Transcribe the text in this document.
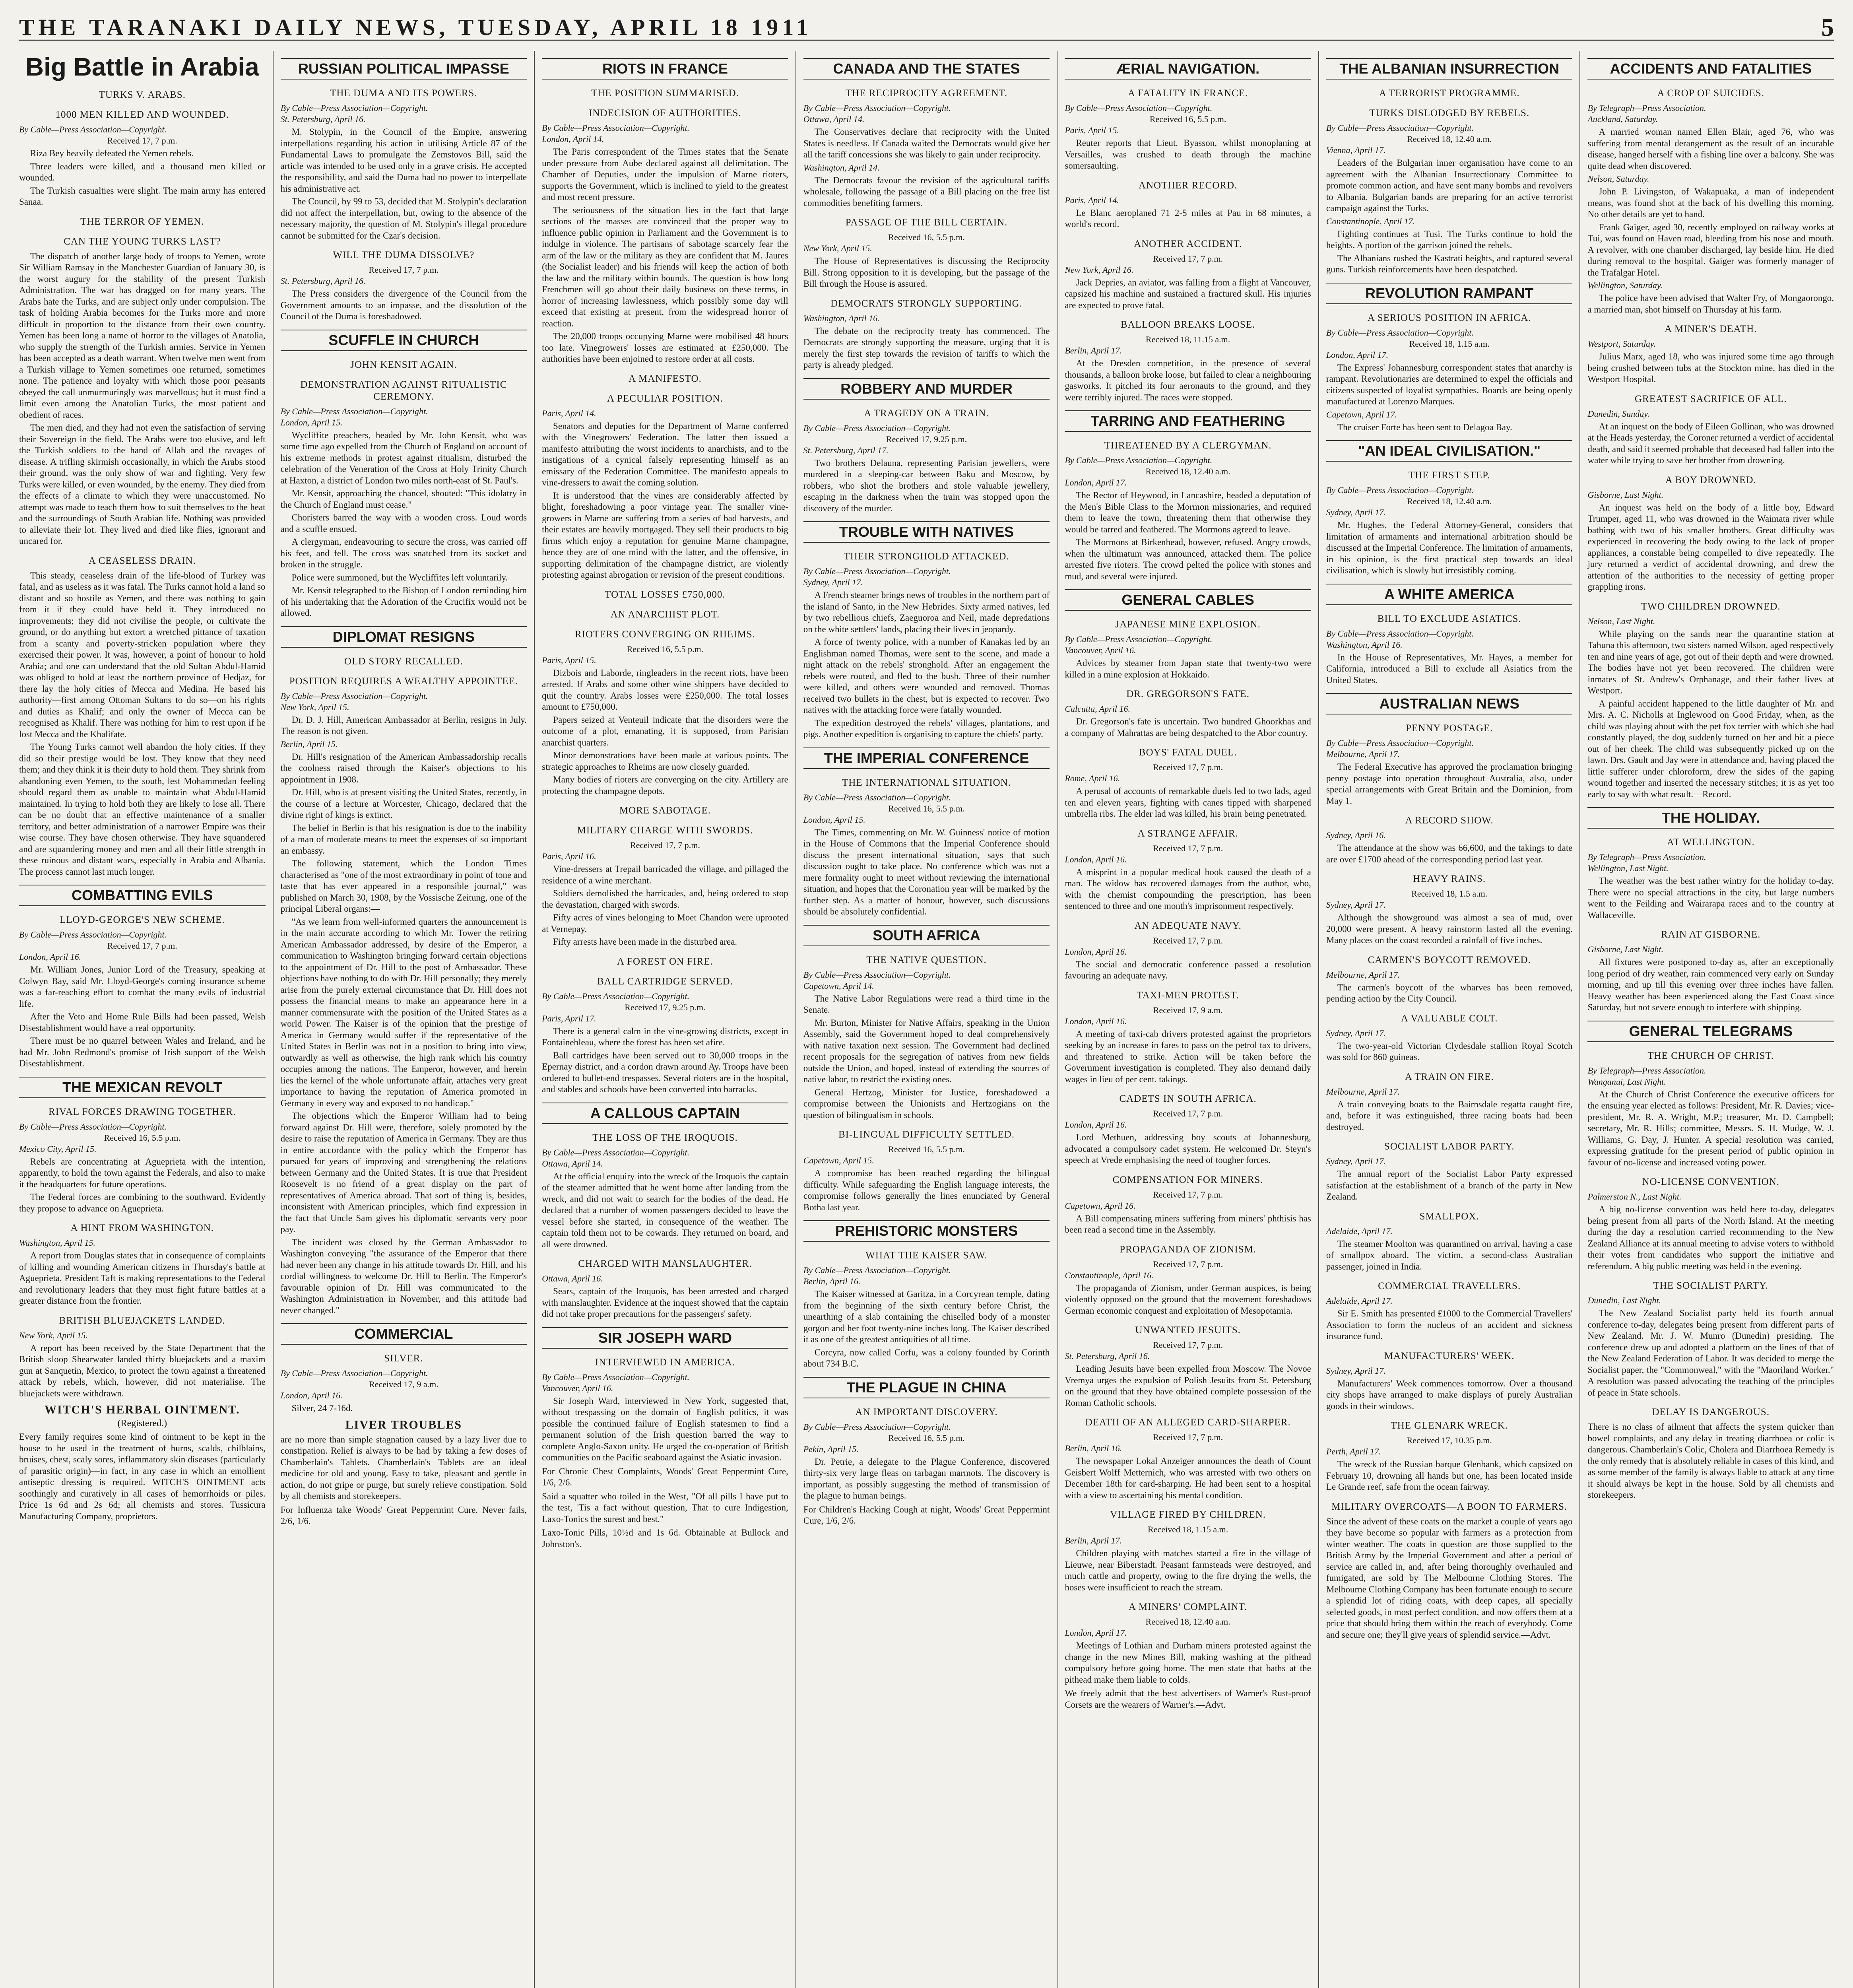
THE TARANAKI DAILY NEWS, TUESDAY, APRIL 18 1911	5
Big Battle in Arabia
TURKS V. ARABS.
1000 MEN KILLED AND WOUNDED.
By Cable—Press Association—Copyright.
Received 17, 7 p.m.
Riza Bey heavily defeated the Yemen rebels.
Three leaders were killed, and a thousand men killed or wounded.
The Turkish casualties were slight. The main army has entered Sanaa.
THE TERROR OF YEMEN.
CAN THE YOUNG TURKS LAST?
The dispatch of another large body of troops to Yemen, wrote Sir William Ramsay in the Manchester Guardian of January 30, is the worst augury for the stability of the present Turkish Administration. The war has dragged on for many years. The Arabs hate the Turks, and are subject only under compulsion. The task of holding Arabia becomes for the Turks more and more difficult in proportion to the distance from their own country. Yemen has been long a name of horror to the villages of Anatolia, who supply the strength of the Turkish armies. Service in Yemen has been accepted as a death warrant. When twelve men went from a Turkish village to Yemen sometimes one returned, sometimes none. The patience and loyalty with which those poor peasants obeyed the call unmurmuringly was marvellous; but it must find a limit even among the Anatolian Turks, the most patient and obedient of races.
The men died, and they had not even the satisfaction of serving their Sovereign in the field. The Arabs were too elusive, and left the Turkish soldiers to the hand of Allah and the ravages of disease. A trifling skirmish occasionally, in which the Arabs stood their ground, was the only show of war and fighting. Very few Turks were killed, or even wounded, by the enemy. They died from the effects of a climate to which they were unaccustomed. No attempt was made to teach them how to suit themselves to the heat and the surroundings of South Arabian life. Nothing was provided to alleviate their lot. They lived and died like flies, ignorant and uncared for.
A CEASELESS DRAIN.
This steady, ceaseless drain of the life-blood of Turkey was fatal, and as useless as it was fatal. The Turks cannot hold a land so distant and so hostile as Yemen, and there was nothing to gain from it if they could have held it. They introduced no improvements; they did not civilise the people, or cultivate the ground, or do anything but extort a wretched pittance of taxation from a scanty and poverty-stricken population where they exercised their power. It was, however, a point of honour to hold Arabia; and one can understand that the old Sultan Abdul-Hamid was obliged to hold at least the northern province of Hedjaz, for there lay the holy cities of Mecca and Medina. He based his authority—first among Ottoman Sultans to do so—on his rights and duties as Khalif; and only the owner of Mecca can be recognised as Khalif. There was nothing for him to rest upon if he lost Mecca and the Khalifate.
The Young Turks cannot well abandon the holy cities. If they did so their prestige would be lost. They know that they need them; and they think it is their duty to hold them. They shrink from abandoning even Yemen, to the south, lest Mohammedan feeling should regard them as unable to maintain what Abdul-Hamid maintained. In trying to hold both they are likely to lose all. There can be no doubt that an effective maintenance of a smaller territory, and better administration of a narrower Empire was their wise course. They have chosen otherwise. They have squandered and are squandering money and men and all their little strength in these ruinous and distant wars, especially in Arabia and Albania. The process cannot last much longer.
COMBATTING EVILS
LLOYD-GEORGE'S NEW SCHEME.
By Cable—Press Association—Copyright.
Received 17, 7 p.m.
London, April 16.
Mr. William Jones, Junior Lord of the Treasury, speaking at Colwyn Bay, said Mr. Lloyd-George's coming insurance scheme was a far-reaching effort to combat the many evils of industrial life.
After the Veto and Home Rule Bills had been passed, Welsh Disestablishment would have a real opportunity.
There must be no quarrel between Wales and Ireland, and he had Mr. John Redmond's promise of Irish support of the Welsh Disestablishment.
THE MEXICAN REVOLT
RIVAL FORCES DRAWING TOGETHER.
By Cable—Press Association—Copyright.
Received 16, 5.5 p.m.
Mexico City, April 15.
Rebels are concentrating at Agueprieta with the intention, apparently, to hold the town against the Federals, and also to make it the headquarters for future operations.
The Federal forces are combining to the southward. Evidently they propose to advance on Agueprieta.
A HINT FROM WASHINGTON.
Washington, April 15.
A report from Douglas states that in consequence of complaints of killing and wounding American citizens in Thursday's battle at Agueprieta, President Taft is making representations to the Federal and revolutionary leaders that they must fight future battles at a greater distance from the frontier.
BRITISH BLUEJACKETS LANDED.
New York, April 15.
A report has been received by the State Department that the British sloop Shearwater landed thirty bluejackets and a maxim gun at Sanquetin, Mexico, to protect the town against a threatened attack by rebels, which, however, did not materialise. The bluejackets were withdrawn.
WITCH'S HERBAL OINTMENT.
(Registered.)
Every family requires some kind of ointment to be kept in the house to be used in the treatment of burns, scalds, chilblains, bruises, chest, scaly sores, inflammatory skin diseases (particularly of parasitic origin)—in fact, in any case in which an emollient antiseptic dressing is required. WITCH'S OINTMENT acts soothingly and curatively in all cases of hemorrhoids or piles. Price 1s 6d and 2s 6d; all chemists and stores. Tussicura Manufacturing Company, proprietors.
RUSSIAN POLITICAL IMPASSE
THE DUMA AND ITS POWERS.
By Cable—Press Association—Copyright.
St. Petersburg, April 16.
M. Stolypin, in the Council of the Empire, answering interpellations regarding his action in utilising Article 87 of the Fundamental Laws to promulgate the Zemstovos Bill, said the article was intended to be used only in a grave crisis. He accepted the responsibility, and said the Duma had no power to interpellate his administrative act.
The Council, by 99 to 53, decided that M. Stolypin's declaration did not affect the interpellation, but, owing to the absence of the necessary majority, the question of M. Stolypin's illegal procedure cannot be submitted for the Czar's decision.
WILL THE DUMA DISSOLVE?
Received 17, 7 p.m.
St. Petersburg, April 16.
The Press considers the divergence of the Council from the Government amounts to an impasse, and the dissolution of the Council of the Duma is foreshadowed.
SCUFFLE IN CHURCH
JOHN KENSIT AGAIN.
DEMONSTRATION AGAINST RITUALISTIC CEREMONY.
By Cable—Press Association—Copyright.
London, April 15.
Wycliffite preachers, headed by Mr. John Kensit, who was some time ago expelled from the Church of England on account of his extreme methods in protest against ritualism, disturbed the celebration of the Veneration of the Cross at Holy Trinity Church at Haxton, a district of London two miles north-east of St. Paul's.
Mr. Kensit, approaching the chancel, shouted: "This idolatry in the Church of England must cease."
Choristers barred the way with a wooden cross. Loud words and a scuffle ensued.
A clergyman, endeavouring to secure the cross, was carried off his feet, and fell. The cross was snatched from its socket and broken in the struggle.
Police were summoned, but the Wycliffites left voluntarily.
Mr. Kensit telegraphed to the Bishop of London reminding him of his undertaking that the Adoration of the Crucifix would not be allowed.
DIPLOMAT RESIGNS
OLD STORY RECALLED.
POSITION REQUIRES A WEALTHY APPOINTEE.
By Cable—Press Association—Copyright.
New York, April 15.
Dr. D. J. Hill, American Ambassador at Berlin, resigns in July. The reason is not given.
Berlin, April 15.
Dr. Hill's resignation of the American Ambassadorship recalls the coolness raised through the Kaiser's objections to his appointment in 1908.
Dr. Hill, who is at present visiting the United States, recently, in the course of a lecture at Worcester, Chicago, declared that the divine right of kings is extinct.
The belief in Berlin is that his resignation is due to the inability of a man of moderate means to meet the expenses of so important an embassy.
The following statement, which the London Times characterised as "one of the most extraordinary in point of tone and taste that has ever appeared in a responsible journal," was published on March 30, 1908, by the Vossische Zeitung, one of the principal Liberal organs:—
"As we learn from well-informed quarters the announcement is in the main accurate according to which Mr. Tower the retiring American Ambassador addressed, by desire of the Emperor, a communication to Washington bringing forward certain objections to the appointment of Dr. Hill to the post of Ambassador. These objections have nothing to do with Dr. Hill personally; they merely arise from the purely external circumstance that Dr. Hill does not possess the financial means to make an appearance here in a manner commensurate with the position of the United States as a world Power. The Kaiser is of the opinion that the prestige of America in Germany would suffer if the representative of the United States in Berlin was not in a position to bring into view, outwardly as well as otherwise, the high rank which his country occupies among the nations. The Emperor, however, and herein lies the kernel of the whole unfortunate affair, attaches very great importance to having the reputation of America promoted in Germany in every way and exposed to no handicap."
The objections which the Emperor William had to being forward against Dr. Hill were, therefore, solely promoted by the desire to raise the reputation of America in Germany. They are thus in entire accordance with the policy which the Emperor has pursued for years of improving and strengthening the relations between Germany and the United States. It is true that President Roosevelt is no friend of a great display on the part of representatives of America abroad. That sort of thing is, besides, inconsistent with American principles, which find expression in the fact that Uncle Sam gives his diplomatic servants very poor pay.
The incident was closed by the German Ambassador to Washington conveying "the assurance of the Emperor that there had never been any change in his attitude towards Dr. Hill, and his cordial willingness to welcome Dr. Hill to Berlin. The Emperor's favourable opinion of Dr. Hill was communicated to the Washington Administration in November, and this attitude had never changed."
COMMERCIAL
SILVER.
By Cable—Press Association—Copyright.
Received 17, 9 a.m.
London, April 16.
Silver, 24 7-16d.
LIVER TROUBLES
are no more than simple stagnation caused by a lazy liver due to constipation. Relief is always to be had by taking a few doses of Chamberlain's Tablets. Chamberlain's Tablets are an ideal medicine for old and young. Easy to take, pleasant and gentle in action, do not gripe or purge, but surely relieve constipation. Sold by all chemists and storekeepers.
For Influenza take Woods' Great Peppermint Cure. Never fails, 2/6, 1/6.
RIOTS IN FRANCE
THE POSITION SUMMARISED.
INDECISION OF AUTHORITIES.
By Cable—Press Association—Copyright.
London, April 14.
The Paris correspondent of the Times states that the Senate under pressure from Aube declared against all delimitation. The Chamber of Deputies, under the impulsion of Marne rioters, supports the Government, which is inclined to yield to the greatest and most recent pressure.
The seriousness of the situation lies in the fact that large sections of the masses are convinced that the proper way to influence public opinion in Parliament and the Government is to indulge in violence. The partisans of sabotage scarcely fear the arm of the law or the military as they are confident that M. Jaures (the Socialist leader) and his friends will keep the action of both the law and the military within bounds. The question is how long Frenchmen will go about their daily business on these terms, in horror of increasing lawlessness, which possibly some day will exceed that existing at present, from the widespread horror of reaction.
The 20,000 troops occupying Marne were mobilised 48 hours too late. Vinegrowers' losses are estimated at £250,000. The authorities have been enjoined to restore order at all costs.
A MANIFESTO.
A PECULIAR POSITION.
Paris, April 14.
Senators and deputies for the Department of Marne conferred with the Vinegrowers' Federation. The latter then issued a manifesto attributing the worst incidents to anarchists, and to the instigations of a cynical falsely representing himself as an emissary of the Federation Committee. The manifesto appeals to vine-dressers to await the coming solution.
It is understood that the vines are considerably affected by blight, foreshadowing a poor vintage year. The smaller vine-growers in Marne are suffering from a series of bad harvests, and their estates are heavily mortgaged. They sell their products to big firms which enjoy a reputation for genuine Marne champagne, hence they are of one mind with the latter, and the offensive, in supporting delimitation of the champagne district, are violently protesting against abrogation or revision of the present conditions.
TOTAL LOSSES £750,000.
AN ANARCHIST PLOT.
RIOTERS CONVERGING ON RHEIMS.
Received 16, 5.5 p.m.
Paris, April 15.
Dizbois and Laborde, ringleaders in the recent riots, have been arrested. If Arabs and some other wine shippers have decided to quit the country. Arabs losses were £250,000. The total losses amount to £750,000.
Papers seized at Venteuil indicate that the disorders were the outcome of a plot, emanating, it is supposed, from Parisian anarchist quarters.
Minor demonstrations have been made at various points. The strategic approaches to Rheims are now closely guarded.
Many bodies of rioters are converging on the city. Artillery are protecting the champagne depots.
MORE SABOTAGE.
MILITARY CHARGE WITH SWORDS.
Received 17, 7 p.m.
Paris, April 16.
Vine-dressers at Trepail barricaded the village, and pillaged the residence of a wine merchant.
Soldiers demolished the barricades, and, being ordered to stop the devastation, charged with swords.
Fifty acres of vines belonging to Moet Chandon were uprooted at Vernepay.
Fifty arrests have been made in the disturbed area.
A FOREST ON FIRE.
BALL CARTRIDGE SERVED.
By Cable—Press Association—Copyright.
Received 17, 9.25 p.m.
Paris, April 17.
There is a general calm in the vine-growing districts, except in Fontainebleau, where the forest has been set afire.
Ball cartridges have been served out to 30,000 troops in the Epernay district, and a cordon drawn around Ay. Troops have been ordered to bullet-end trespasses. Several rioters are in the hospital, and stables and schools have been converted into barracks.
A CALLOUS CAPTAIN
THE LOSS OF THE IROQUOIS.
By Cable—Press Association—Copyright.
Ottawa, April 14.
At the official enquiry into the wreck of the Iroquois the captain of the steamer admitted that he went home after landing from the wreck, and did not wait to search for the bodies of the dead. He declared that a number of women passengers decided to leave the vessel before she started, in consequence of the weather. The captain told them not to be cowards. They returned on board, and all were drowned.
CHARGED WITH MANSLAUGHTER.
Ottawa, April 16.
Sears, captain of the Iroquois, has been arrested and charged with manslaughter. Evidence at the inquest showed that the captain did not take proper precautions for the passengers' safety.
SIR JOSEPH WARD
INTERVIEWED IN AMERICA.
By Cable—Press Association—Copyright.
Vancouver, April 16.
Sir Joseph Ward, interviewed in New York, suggested that, without trespassing on the domain of English politics, it was possible the continued failure of English statesmen to find a permanent solution of the Irish question barred the way to complete Anglo-Saxon unity. He urged the co-operation of British communities on the Pacific seaboard against the Asiatic invasion.
For Chronic Chest Complaints, Woods' Great Peppermint Cure, 1/6, 2/6.
Said a squatter who toiled in the West, "Of all pills I have put to the test, 'Tis a fact without question, That to cure Indigestion, Laxo-Tonics the surest and best."
Laxo-Tonic Pills, 10½d and 1s 6d. Obtainable at Bullock and Johnston's.
CANADA AND THE STATES
THE RECIPROCITY AGREEMENT.
By Cable—Press Association—Copyright.
Ottawa, April 14.
The Conservatives declare that reciprocity with the United States is needless. If Canada waited the Democrats would give her all the tariff concessions she was likely to gain under reciprocity.
Washington, April 14.
The Democrats favour the revision of the agricultural tariffs wholesale, following the passage of a Bill placing on the free list commodities benefiting farmers.
PASSAGE OF THE BILL CERTAIN.
Received 16, 5.5 p.m.
New York, April 15.
The House of Representatives is discussing the Reciprocity Bill. Strong opposition to it is developing, but the passage of the Bill through the House is assured.
DEMOCRATS STRONGLY SUPPORTING.
Washington, April 16.
The debate on the reciprocity treaty has commenced. The Democrats are strongly supporting the measure, urging that it is merely the first step towards the revision of tariffs to which the party is already pledged.
ROBBERY AND MURDER
A TRAGEDY ON A TRAIN.
By Cable—Press Association—Copyright.
Received 17, 9.25 p.m.
St. Petersburg, April 17.
Two brothers Delauna, representing Parisian jewellers, were murdered in a sleeping-car between Baku and Moscow, by robbers, who shot the brothers and stole valuable jewellery, escaping in the darkness when the train was stopped upon the discovery of the murder.
TROUBLE WITH NATIVES
THEIR STRONGHOLD ATTACKED.
By Cable—Press Association—Copyright.
Sydney, April 17.
A French steamer brings news of troubles in the northern part of the island of Santo, in the New Hebrides. Sixty armed natives, led by two rebellious chiefs, Zaeguoroa and Neil, made depredations on the white settlers' lands, placing their lives in jeopardy.
A force of twenty police, with a number of Kanakas led by an Englishman named Thomas, were sent to the scene, and made a night attack on the rebels' stronghold. After an engagement the rebels were routed, and fled to the bush. Three of their number were killed, and others were wounded and removed. Thomas received two bullets in the chest, but is expected to recover. Two natives with the attacking force were fatally wounded.
The expedition destroyed the rebels' villages, plantations, and pigs. Another expedition is organising to capture the chiefs' party.
THE IMPERIAL CONFERENCE
THE INTERNATIONAL SITUATION.
By Cable—Press Association—Copyright.
Received 16, 5.5 p.m.
London, April 15.
The Times, commenting on Mr. W. Guinness' notice of motion in the House of Commons that the Imperial Conference should discuss the present international situation, says that such discussion ought to take place. No conference which was not a mere formality ought to meet without reviewing the international situation, and hopes that the Coronation year will be marked by the further step. As a matter of honour, however, such discussions should be absolutely confidential.
SOUTH AFRICA
THE NATIVE QUESTION.
By Cable—Press Association—Copyright.
Capetown, April 14.
The Native Labor Regulations were read a third time in the Senate.
Mr. Burton, Minister for Native Affairs, speaking in the Union Assembly, said the Government hoped to deal comprehensively with native taxation next session. The Government had declined recent proposals for the segregation of natives from new fields outside the Union, and hoped, instead of extending the sources of native labor, to restrict the existing ones.
General Hertzog, Minister for Justice, foreshadowed a compromise between the Unionists and Hertzogians on the question of bilingualism in schools.
BI-LINGUAL DIFFICULTY SETTLED.
Received 16, 5.5 p.m.
Capetown, April 15.
A compromise has been reached regarding the bilingual difficulty. While safeguarding the English language interests, the compromise follows generally the lines enunciated by General Botha last year.
PREHISTORIC MONSTERS
WHAT THE KAISER SAW.
By Cable—Press Association—Copyright.
Berlin, April 16.
The Kaiser witnessed at Garitza, in a Corcyrean temple, dating from the beginning of the sixth century before Christ, the unearthing of a slab containing the chiselled body of a monster gorgon and her foot twenty-nine inches long. The Kaiser described it as one of the greatest antiquities of all time.
Corcyra, now called Corfu, was a colony founded by Corinth about 734 B.C.
THE PLAGUE IN CHINA
AN IMPORTANT DISCOVERY.
By Cable—Press Association—Copyright.
Received 16, 5.5 p.m.
Pekin, April 15.
Dr. Petrie, a delegate to the Plague Conference, discovered thirty-six very large fleas on tarbagan marmots. The discovery is important, as possibly suggesting the method of transmission of the plague to human beings.
For Children's Hacking Cough at night, Woods' Great Peppermint Cure, 1/6, 2/6.
ÆRIAL NAVIGATION.
A FATALITY IN FRANCE.
By Cable—Press Association—Copyright.
Received 16, 5.5 p.m.
Paris, April 15.
Reuter reports that Lieut. Byasson, whilst monoplaning at Versailles, was crushed to death through the machine somersaulting.
ANOTHER RECORD.
Paris, April 14.
Le Blanc aeroplaned 71 2-5 miles at Pau in 68 minutes, a world's record.
ANOTHER ACCIDENT.
Received 17, 7 p.m.
New York, April 16.
Jack Depries, an aviator, was falling from a flight at Vancouver, capsized his machine and sustained a fractured skull. His injuries are expected to prove fatal.
BALLOON BREAKS LOOSE.
Received 18, 11.15 a.m.
Berlin, April 17.
At the Dresden competition, in the presence of several thousands, a balloon broke loose, but failed to clear a neighbouring gasworks. It pitched its four aeronauts to the ground, and they were terribly injured. The races were stopped.
TARRING AND FEATHERING
THREATENED BY A CLERGYMAN.
By Cable—Press Association—Copyright.
Received 18, 12.40 a.m.
London, April 17.
The Rector of Heywood, in Lancashire, headed a deputation of the Men's Bible Class to the Mormon missionaries, and required them to leave the town, threatening them that otherwise they would be tarred and feathered. The Mormons agreed to leave.
The Mormons at Birkenhead, however, refused. Angry crowds, when the ultimatum was announced, attacked them. The police arrested five rioters. The crowd pelted the police with stones and mud, and several were injured.
GENERAL CABLES
JAPANESE MINE EXPLOSION.
By Cable—Press Association—Copyright.
Vancouver, April 16.
Advices by steamer from Japan state that twenty-two were killed in a mine explosion at Hokkaido.
DR. GREGORSON'S FATE.
Calcutta, April 16.
Dr. Gregorson's fate is uncertain. Two hundred Ghoorkhas and a company of Mahrattas are being despatched to the Abor country.
BOYS' FATAL DUEL.
Received 17, 7 p.m.
Rome, April 16.
A perusal of accounts of remarkable duels led to two lads, aged ten and eleven years, fighting with canes tipped with sharpened umbrella ribs. The elder lad was killed, his brain being penetrated.
A STRANGE AFFAIR.
Received 17, 7 p.m.
London, April 16.
A misprint in a popular medical book caused the death of a man. The widow has recovered damages from the author, who, with the chemist compounding the prescription, has been sentenced to three and one month's imprisonment respectively.
AN ADEQUATE NAVY.
Received 17, 7 p.m.
London, April 16.
The social and democratic conference passed a resolution favouring an adequate navy.
TAXI-MEN PROTEST.
Received 17, 9 a.m.
London, April 16.
A meeting of taxi-cab drivers protested against the proprietors seeking by an increase in fares to pass on the petrol tax to drivers, and threatened to strike. Action will be taken before the Government investigation is completed. They also demand daily wages in lieu of per cent. takings.
CADETS IN SOUTH AFRICA.
Received 17, 7 p.m.
London, April 16.
Lord Methuen, addressing boy scouts at Johannesburg, advocated a compulsory cadet system. He welcomed Dr. Steyn's speech at Vrede emphasising the need of tougher forces.
COMPENSATION FOR MINERS.
Received 17, 7 p.m.
Capetown, April 16.
A Bill compensating miners suffering from miners' phthisis has been read a second time in the Assembly.
PROPAGANDA OF ZIONISM.
Received 17, 7 p.m.
Constantinople, April 16.
The propaganda of Zionism, under German auspices, is being violently opposed on the ground that the movement foreshadows German economic conquest and exploitation of Mesopotamia.
UNWANTED JESUITS.
Received 17, 7 p.m.
St. Petersburg, April 16.
Leading Jesuits have been expelled from Moscow. The Novoe Vremya urges the expulsion of Polish Jesuits from St. Petersburg on the ground that they have obtained complete possession of the Roman Catholic schools.
DEATH OF AN ALLEGED CARD-SHARPER.
Received 17, 7 p.m.
Berlin, April 16.
The newspaper Lokal Anzeiger announces the death of Count Geisbert Wolff Metternich, who was arrested with two others on December 18th for card-sharping. He had been sent to a hospital with a view to ascertaining his mental condition.
VILLAGE FIRED BY CHILDREN.
Received 18, 1.15 a.m.
Berlin, April 17.
Children playing with matches started a fire in the village of Lieuwe, near Biberstadt. Peasant farmsteads were destroyed, and much cattle and property, owing to the fire drying the wells, the hoses were insufficient to reach the stream.
A MINERS' COMPLAINT.
Received 18, 12.40 a.m.
London, April 17.
Meetings of Lothian and Durham miners protested against the change in the new Mines Bill, making washing at the pithead compulsory before going home. The men state that baths at the pithead make them liable to colds.
We freely admit that the best advertisers of Warner's Rust-proof Corsets are the wearers of Warner's.—Advt.
THE ALBANIAN INSURRECTION
A TERRORIST PROGRAMME.
TURKS DISLODGED BY REBELS.
By Cable—Press Association—Copyright.
Received 18, 12.40 a.m.
Vienna, April 17.
Leaders of the Bulgarian inner organisation have come to an agreement with the Albanian Insurrectionary Committee to promote common action, and have sent many bombs and revolvers to Albania. Bulgarian bands are preparing for an active terrorist campaign against the Turks.
Constantinople, April 17.
Fighting continues at Tusi. The Turks continue to hold the heights. A portion of the garrison joined the rebels.
The Albanians rushed the Kastrati heights, and captured several guns. Turkish reinforcements have been despatched.
REVOLUTION RAMPANT
A SERIOUS POSITION IN AFRICA.
By Cable—Press Association—Copyright.
Received 18, 1.15 a.m.
London, April 17.
The Express' Johannesburg correspondent states that anarchy is rampant. Revolutionaries are determined to expel the officials and citizens suspected of loyalist sympathies. Boards are being openly manufactured at Lorenzo Marques.
Capetown, April 17.
The cruiser Forte has been sent to Delagoa Bay.
"AN IDEAL CIVILISATION."
THE FIRST STEP.
By Cable—Press Association—Copyright.
Received 18, 12.40 a.m.
Sydney, April 17.
Mr. Hughes, the Federal Attorney-General, considers that limitation of armaments and international arbitration should be discussed at the Imperial Conference. The limitation of armaments, in his opinion, is the first practical step towards an ideal civilisation, which is slowly but irresistibly coming.
A WHITE AMERICA
BILL TO EXCLUDE ASIATICS.
By Cable—Press Association—Copyright.
Washington, April 16.
In the House of Representatives, Mr. Hayes, a member for California, introduced a Bill to exclude all Asiatics from the United States.
AUSTRALIAN NEWS
PENNY POSTAGE.
By Cable—Press Association—Copyright.
Melbourne, April 17.
The Federal Executive has approved the proclamation bringing penny postage into operation throughout Australia, also, under special arrangements with Great Britain and the Dominion, from May 1.
A RECORD SHOW.
Sydney, April 16.
The attendance at the show was 66,600, and the takings to date are over £1700 ahead of the corresponding period last year.
HEAVY RAINS.
Received 18, 1.5 a.m.
Sydney, April 17.
Although the showground was almost a sea of mud, over 20,000 were present. A heavy rainstorm lasted all the evening. Many places on the coast recorded a rainfall of five inches.
CARMEN'S BOYCOTT REMOVED.
Melbourne, April 17.
The carmen's boycott of the wharves has been removed, pending action by the City Council.
A VALUABLE COLT.
Sydney, April 17.
The two-year-old Victorian Clydesdale stallion Royal Scotch was sold for 860 guineas.
A TRAIN ON FIRE.
Melbourne, April 17.
A train conveying boats to the Bairnsdale regatta caught fire, and, before it was extinguished, three racing boats had been destroyed.
SOCIALIST LABOR PARTY.
Sydney, April 17.
The annual report of the Socialist Labor Party expressed satisfaction at the establishment of a branch of the party in New Zealand.
SMALLPOX.
Adelaide, April 17.
The steamer Moolton was quarantined on arrival, having a case of smallpox aboard. The victim, a second-class Australian passenger, joined in India.
COMMERCIAL TRAVELLERS.
Adelaide, April 17.
Sir E. Smith has presented £1000 to the Commercial Travellers' Association to form the nucleus of an accident and sickness insurance fund.
MANUFACTURERS' WEEK.
Sydney, April 17.
Manufacturers' Week commences tomorrow. Over a thousand city shops have arranged to make displays of purely Australian goods in their windows.
THE GLENARK WRECK.
Received 17, 10.35 p.m.
Perth, April 17.
The wreck of the Russian barque Glenbank, which capsized on February 10, drowning all hands but one, has been located inside Le Grande reef, safe from the ocean fairway.
MILITARY OVERCOATS—A BOON TO FARMERS.
Since the advent of these coats on the market a couple of years ago they have become so popular with farmers as a protection from winter weather. The coats in question are those supplied to the British Army by the Imperial Government and after a period of service are called in, and, after being thoroughly overhauled and fumigated, are sold by The Melbourne Clothing Stores. The Melbourne Clothing Company has been fortunate enough to secure a splendid lot of riding coats, with deep capes, all specially selected goods, in most perfect condition, and now offers them at a price that should bring them within the reach of everybody. Come and secure one; they'll give years of splendid service.—Advt.
ACCIDENTS AND FATALITIES
A CROP OF SUICIDES.
By Telegraph—Press Association.
Auckland, Saturday.
A married woman named Ellen Blair, aged 76, who was suffering from mental derangement as the result of an incurable disease, hanged herself with a fishing line over a balcony. She was quite dead when discovered.
Nelson, Saturday.
John P. Livingston, of Wakapuaka, a man of independent means, was found shot at the back of his dwelling this morning. No other details are yet to hand.
Frank Gaiger, aged 30, recently employed on railway works at Tui, was found on Haven road, bleeding from his nose and mouth. A revolver, with one chamber discharged, lay beside him. He died during removal to the hospital. Gaiger was formerly manager of the Trafalgar Hotel.
Wellington, Saturday.
The police have been advised that Walter Fry, of Mongaorongo, a married man, shot himself on Thursday at his farm.
A MINER'S DEATH.
Westport, Saturday.
Julius Marx, aged 18, who was injured some time ago through being crushed between tubs at the Stockton mine, has died in the Westport Hospital.
GREATEST SACRIFICE OF ALL.
Dunedin, Sunday.
At an inquest on the body of Eileen Gollinan, who was drowned at the Heads yesterday, the Coroner returned a verdict of accidental death, and said it seemed probable that deceased had fallen into the water while trying to save her brother from drowning.
A BOY DROWNED.
Gisborne, Last Night.
An inquest was held on the body of a little boy, Edward Trumper, aged 11, who was drowned in the Waimata river while bathing with two of his smaller brothers. Great difficulty was experienced in recovering the body owing to the lack of proper appliances, a constable being compelled to dive repeatedly. The jury returned a verdict of accidental drowning, and drew the attention of the authorities to the necessity of getting proper grappling irons.
TWO CHILDREN DROWNED.
Nelson, Last Night.
While playing on the sands near the quarantine station at Tahuna this afternoon, two sisters named Wilson, aged respectively ten and nine years of age, got out of their depth and were drowned. The bodies have not yet been recovered. The children were inmates of St. Andrew's Orphanage, and their father lives at Westport.
A painful accident happened to the little daughter of Mr. and Mrs. A. C. Nicholls at Inglewood on Good Friday, when, as the child was playing about with the pet fox terrier with which she had constantly played, the dog suddenly turned on her and bit a piece out of her cheek. The child was subsequently picked up on the lawn. Drs. Gault and Jay were in attendance and, having placed the little sufferer under chloroform, drew the sides of the gaping wound together and inserted the necessary stitches; it is as yet too early to say with what result.—Record.
THE HOLIDAY.
AT WELLINGTON.
By Telegraph—Press Association.
Wellington, Last Night.
The weather was the best rather wintry for the holiday to-day. There were no special attractions in the city, but large numbers went to the Feilding and Wairarapa races and to the country at Wallaceville.
RAIN AT GISBORNE.
Gisborne, Last Night.
All fixtures were postponed to-day as, after an exceptionally long period of dry weather, rain commenced very early on Sunday morning, and up till this evening over three inches have fallen. Heavy weather has been experienced along the East Coast since Saturday, but not severe enough to interfere with shipping.
GENERAL TELEGRAMS
THE CHURCH OF CHRIST.
By Telegraph—Press Association.
Wanganui, Last Night.
At the Church of Christ Conference the executive officers for the ensuing year elected as follows: President, Mr. R. Davies; vice-president, Mr. R. A. Wright, M.P.; treasurer, Mr. D. Campbell; secretary, Mr. R. Hills; committee, Messrs. S. H. Mudge, W. J. Williams, G. Day, J. Hunter. A special resolution was carried, expressing gratitude for the present period of public opinion in favour of no-license and increased voting power.
NO-LICENSE CONVENTION.
Palmerston N., Last Night.
A big no-license convention was held here to-day, delegates being present from all parts of the North Island. At the meeting during the day a resolution carried recommending to the New Zealand Alliance at its annual meeting to advise voters to withhold their votes from candidates who support the initiative and referendum. A big public meeting was held in the evening.
THE SOCIALIST PARTY.
Dunedin, Last Night.
The New Zealand Socialist party held its fourth annual conference to-day, delegates being present from different parts of New Zealand. Mr. J. W. Munro (Dunedin) presiding. The conference drew up and adopted a platform on the lines of that of the New Zealand Federation of Labor. It was decided to merge the Socialist paper, the "Commonweal," with the "Maoriland Worker." A resolution was passed advocating the teaching of the principles of peace in State schools.
DELAY IS DANGEROUS.
There is no class of ailment that affects the system quicker than bowel complaints, and any delay in treating diarrhoea or colic is dangerous. Chamberlain's Colic, Cholera and Diarrhoea Remedy is the only remedy that is absolutely reliable in cases of this kind, and as some member of the family is always liable to attack at any time it should always be kept in the house. Sold by all chemists and storekeepers.
